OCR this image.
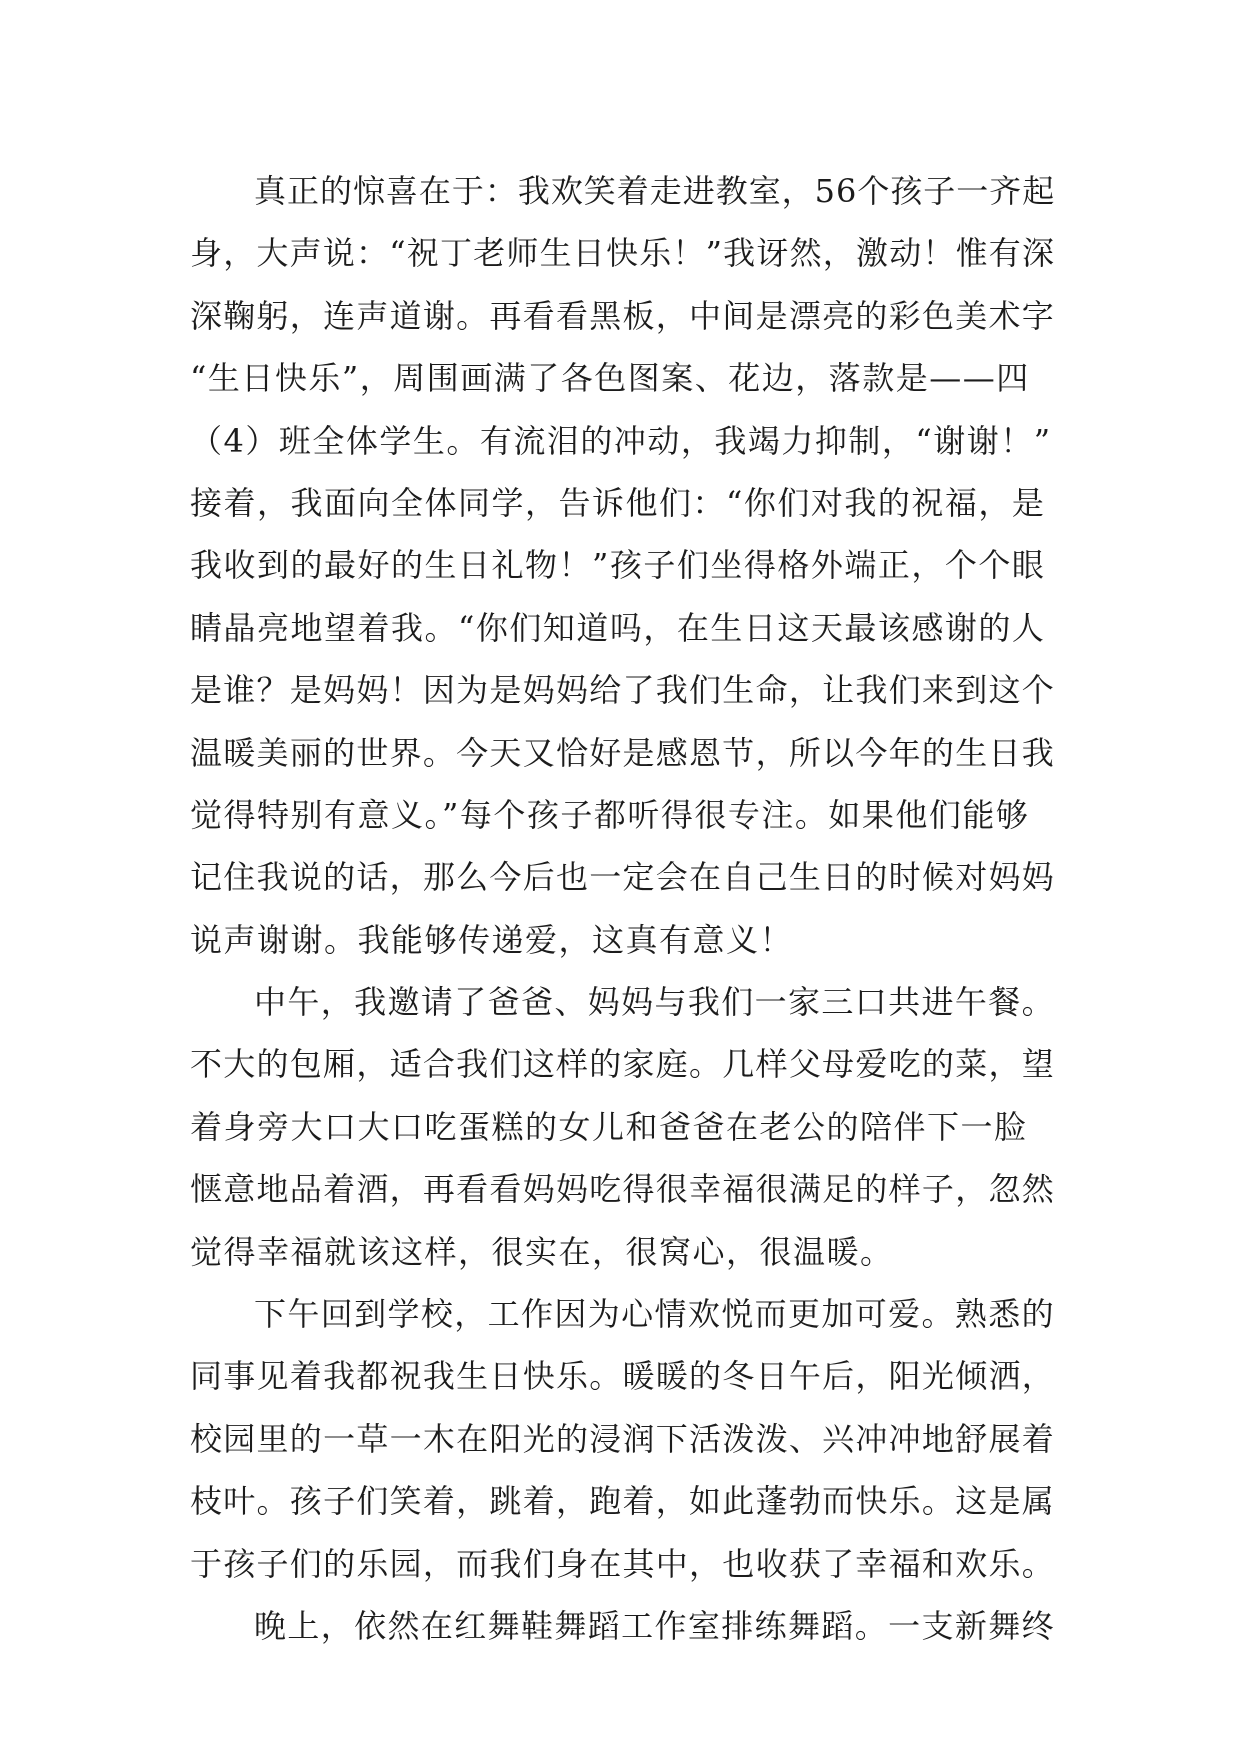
真正的惊喜在于：我欢笑着走进教室，56个孩子一齐起
身，大声说：“祝丁老师生日快乐！”我讶然，激动！惟有深
深鞠躬，连声道谢。再看看黑板，中间是漂亮的彩色美术字
“生日快乐”，周围画满了各色图案、花边，落款是——四
（4）班全体学生。有流泪的冲动，我竭力抑制，“谢谢！”
接着，我面向全体同学，告诉他们：“你们对我的祝福，是
我收到的最好的生日礼物！”孩子们坐得格外端正，个个眼
睛晶亮地望着我。“你们知道吗，在生日这天最该感谢的人
是谁？是妈妈！因为是妈妈给了我们生命，让我们来到这个
温暖美丽的世界。今天又恰好是感恩节，所以今年的生日我
觉得特别有意义。”每个孩子都听得很专注。如果他们能够
记住我说的话，那么今后也一定会在自己生日的时候对妈妈
说声谢谢。我能够传递爱，这真有意义！
中午，我邀请了爸爸、妈妈与我们一家三口共进午餐。
不大的包厢，适合我们这样的家庭。几样父母爱吃的菜，望
着身旁大口大口吃蛋糕的女儿和爸爸在老公的陪伴下一脸
惬意地品着酒，再看看妈妈吃得很幸福很满足的样子，忽然
觉得幸福就该这样，很实在，很窝心，很温暖。
下午回到学校，工作因为心情欢悦而更加可爱。熟悉的
同事见着我都祝我生日快乐。暖暖的冬日午后，阳光倾洒，
校园里的一草一木在阳光的浸润下活泼泼、兴冲冲地舒展着
枝叶。孩子们笑着，跳着，跑着，如此蓬勃而快乐。这是属
于孩子们的乐园，而我们身在其中，也收获了幸福和欢乐。
晚上，依然在红舞鞋舞蹈工作室排练舞蹈。一支新舞终
